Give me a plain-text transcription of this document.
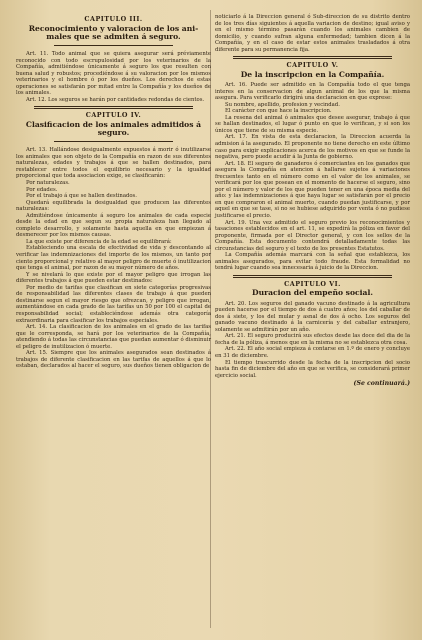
CAPITULO III.
Reconocimiento y valoracion de los ani-
males que se admiten á seguro.

Art. 11. Todo animal que se quiera asegurar será préviamente reconocido con todo escrupulosidad por los veterinarios de la Compañía, admitiéndose únicamente á seguro los que resulten con buena salud y robustos; procediéndose á su valoracion por los mismos veterinarios y el hombre ó por los dueños. Los derechos de estas operaciones se satisfarán por mitad entre la Compañía y los dueños de los animales.

Art. 12. Los seguros se harán por cantidades redondas de cientos.

CAPITULO IV.
Clasificacion de los animales admitidos á
seguro.

Art. 13. Hallándose desigualmente expuestos á morir ó inutilizarse los animales que son objeto de la Compañía en razon de sus diferentes naturalezas, edades y trabajos á que se hallen destinados, para restablecer entre todos el equilibrio necesario y la igualdad proporcional que toda asociacion exige, se clasificarán:

Por naturalezas.

Por edades.

Por el trabajo á que se hallen destinados.

Quedará equilibrada la desigualdad que producen las diferentes naturalezas:

Admitiéndose únicamente á seguro los animales de cada especie desde la edad en que segun su propia naturaleza han llegado al completo desarrollo, y solamente hasta aquella en que empiezan á desmerecer por los mismos causas.

La que existe por diferencia de la edad se equilibrará:

Estableciendo una escala de efectividad de vida y descontando al verificar las indemnizaciones del importe de los mismos, un tanto por ciento proporcional y relativo al mayor peligro de muerte ó inutilizacion que tenga el animal, por razon de su mayor número de años.

Y se nivelará lo que existe por el mayor peligro que irrogan las diferentes trabajos á que pueden estar destinados:

Por medio de tarifas que clasifican en siete categorías progresivas de responsabilidad las diferentes clases de trabajo á que pueden destinarse segun el mayor riesgo que ofrezcan, y peligro que irrogan, aumentándose en cada grado de las tarifas un 50 por 100 el capital de responsabilidad social; estableciéndose además otra categoría extraordinaria para clasificar los trabajos especiales.

Art. 14. La clasificacion de los animales en el grado de las tarifas que le corresponda, se hará por los veterinarios de la Compañía, atendiendo á todas las circunstancias que puedan aumentar ó disminuir el peligro de inutilizacion ó muerte.

Art. 15. Siempre que los animales asegurados sean destinados á trabajos de diferente clasificacion en las tarifas de aquellos á que lo estaban, declarados al hacer el seguro, sus dueños tienen obligacion de

noticiarlo á la Direccion general ó Sub-direccion de su distrito dentro de los tres días siguientes á aquella variacion de destino; igual aviso y en el mismo término pasarán cuando los animales cambien de domicilio, y cuando sufran alguna enfermedad; tambien dicen á la Compañía, y en el caso de estar estos animales trasladados á otra diferente para su permanencia fija.

CAPITULO V.
De la inscripcion en la Compañía.

Art. 16. Puede ser admitido en la Compañía todo el que tenga interes en la conservacion de algun animal de los que la misma asegura. Para verificarlo dirigirá una declaracion en que exprese:

Su nombre, apellido, profesion y vecindad.

El carácter con que hace la inscripcion.

La resena del animal ó animales que desee asegurar, trabajo á que se hallan destinados, el lugar ó punto en que lo verifican, y si son los únicos que tiene de su misma especie.

Art. 17. En vista de esta declaracion, la Direccion acuerda la admision á la asegurado. El proponente no tiene derecho en este último caso para exigir explicaciones acerca de los motivos en que se funde la negativa, pero puede acudir á la Junta de gobierno.

Art. 18. El seguro de ganaderos ó comerciantes en los ganados que asegura la Compañía en atencion á hallarse sujetos á variaciones frecuentes tanto en el número como en el valor de los animales, se verificará por los que posean en el momento de hacerse el seguro, sino por el número y valor de los que pueden tener en una época media del año: y las indemnizaciones á que haya lugar se satisfarán por el precio en que compraron el animal muerto, cuando puedan justificarse, y por aquel en que se tase, si no se hubiese adquirido por venta ó no pudiese justificarse el precio.

Art. 19. Una vez admitido el seguro previo los reconocimientos y tasaciones establecidos en el art. 11, se expedirá la póliza en favor del proponente, firmada por el Director general, y con los sellos de la Compañía. Esta documento contendrá detalladamente todas las circunstancias del seguro y el texto de los presentes Estatutos.

La Compañía además marcará con la señal que establezca, los animales asegurados, para evitar todo fraude. Esta formalidad no tendrá lugar cuando sea innecesaria á juicio de la Direccion.

CAPITULO VI.
Duracion del empeño social.

Art. 20. Los seguros del ganado vacuno destinado á la agricultura pueden hacerse por el tiempo de dos á cuatro años; los del caballar de dos á siete, y los del mular y asnal de dos á ocho. Los seguros del ganado vacuno destinado á la carnicería y del caballar extranjero, solamente se admitirán por un año.

Art. 21. El seguro producirá sus efectos desde las doce del dia de la fecha de la póliza, á menos que en la misma no se establezca otra cosa.

Art. 22. El año social empieza á contarse en 1.º de enero y concluye en 31 de diciembre.

El tiempo trascurrido desde la fecha de la inscripcion del socio hasta fin de diciembre del año en que se verifica, se considerará primer ejercicio social.

(Se continuará.)
